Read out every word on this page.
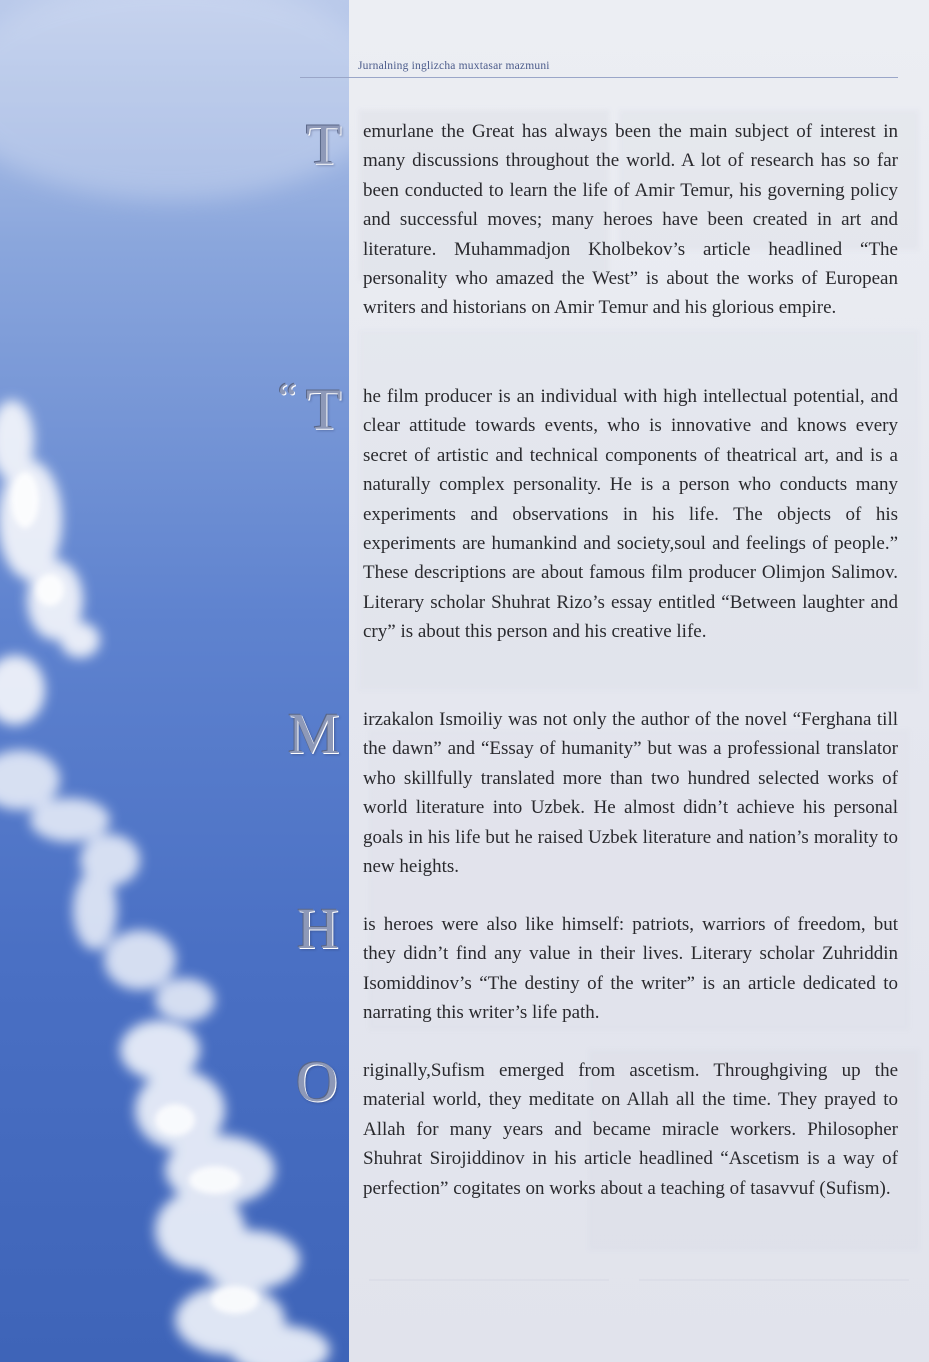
Jurnalning inglizcha muxtasar mazmuni
T emurlane the Great has always been the main subject of interest in many discussions throughout the world. A lot of research has so far been conducted to learn the life of Amir Temur, his governing policy and successful moves; many heroes have been created in art and literature. Muhammadjon Kholbekov’s article headlined “The personality who amazed the West” is about the works of European writers and historians on Amir Temur and his glorious empire.

“ T he film producer is an individual with high intellectual potential, and clear attitude towards events, who is innovative and knows every secret of artistic and technical components of theatrical art, and is a naturally complex personality. He is a person who conducts many experiments and observations in his life. The objects of his experiments are humankind and society,soul and feelings of people.” These descriptions are about famous film producer Olimjon Salimov. Literary scholar Shuhrat Rizo’s essay entitled “Between laughter and cry” is about this person and his creative life.

M irzakalon Ismoiliy was not only the author of the novel “Ferghana till the dawn” and “Essay of humanity” but was a professional translator who skillfully translated more than two hundred selected works of world literature into Uzbek. He almost didn’t achieve his personal goals in his life but he raised Uzbek literature and nation’s morality to new heights.

H is heroes were also like himself: patriots, warriors of freedom, but they didn’t find any value in their lives. Literary scholar Zuhriddin Isomiddinov’s “The destiny of the writer” is an article dedicated to narrating this writer’s life path.

O riginally,Sufism emerged from ascetism. Throughgiving up the material world, they meditate on Allah all the time. They prayed to Allah for many years and became miracle workers. Philosopher Shuhrat Sirojiddinov in his article headlined “Ascetism is a way of perfection” cogitates on works about a teaching of tasavvuf (Sufism).
